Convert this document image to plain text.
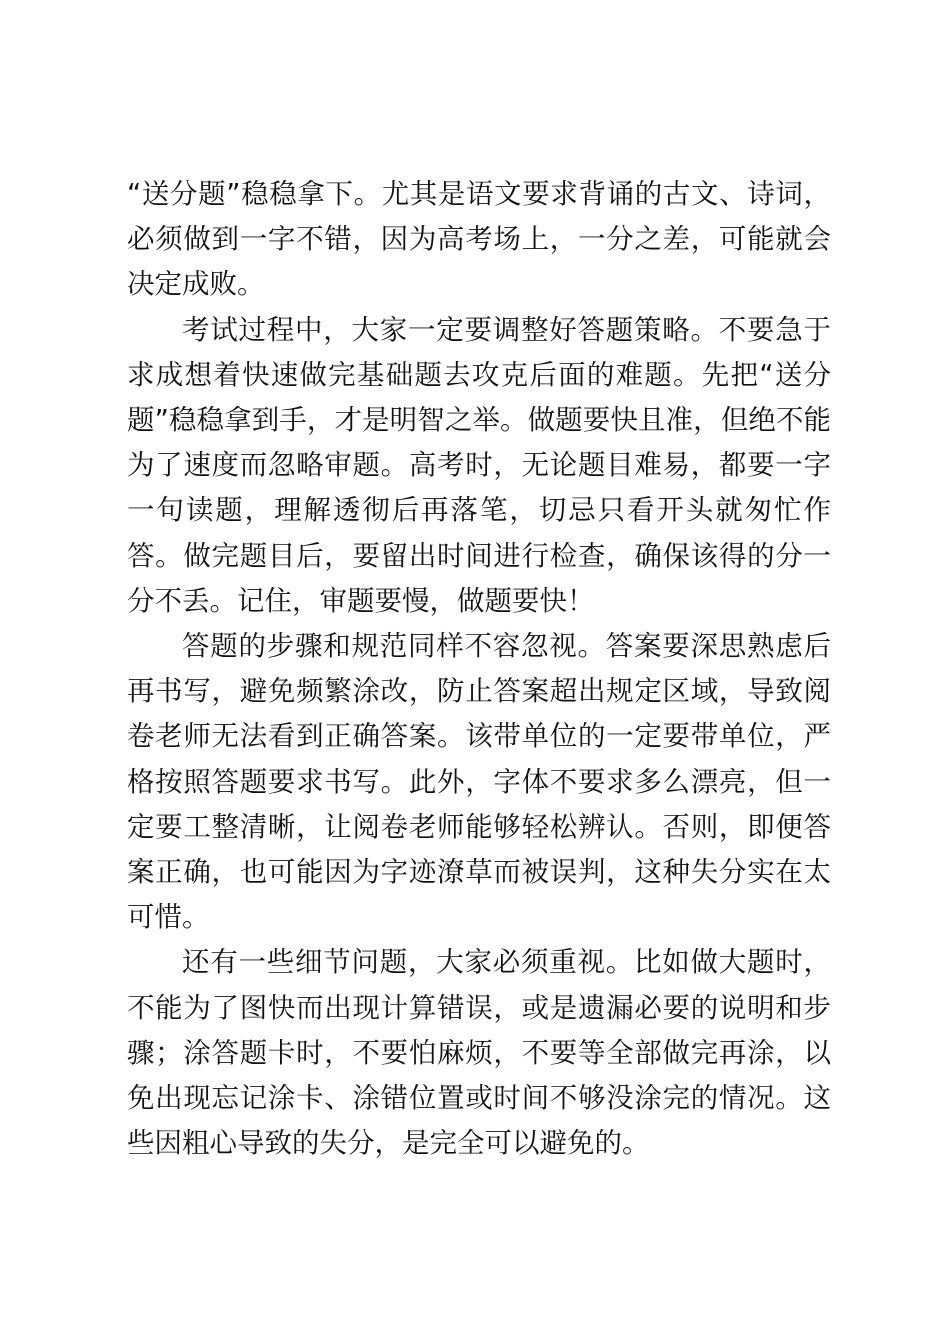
“送分题”稳稳拿下。尤其是语文要求背诵的古文、诗词，必须做到一字不错，因为高考场上，一分之差，可能就会决定成败。

考试过程中，大家一定要调整好答题策略。不要急于求成想着快速做完基础题去攻克后面的难题。先把“送分题”稳稳拿到手，才是明智之举。做题要快且准，但绝不能为了速度而忽略审题。高考时，无论题目难易，都要一字一句读题，理解透彻后再落笔，切忌只看开头就匆忙作答。做完题目后，要留出时间进行检查，确保该得的分一分不丢。记住，审题要慢，做题要快！

答题的步骤和规范同样不容忽视。答案要深思熟虑后再书写，避免频繁涂改，防止答案超出规定区域，导致阅卷老师无法看到正确答案。该带单位的一定要带单位，严格按照答题要求书写。此外，字体不要求多么漂亮，但一定要工整清晰，让阅卷老师能够轻松辨认。否则，即便答案正确，也可能因为字迹潦草而被误判，这种失分实在太可惜。

还有一些细节问题，大家必须重视。比如做大题时，不能为了图快而出现计算错误，或是遗漏必要的说明和步骤；涂答题卡时，不要怕麻烦，不要等全部做完再涂，以免出现忘记涂卡、涂错位置或时间不够没涂完的情况。这些因粗心导致的失分，是完全可以避免的。
